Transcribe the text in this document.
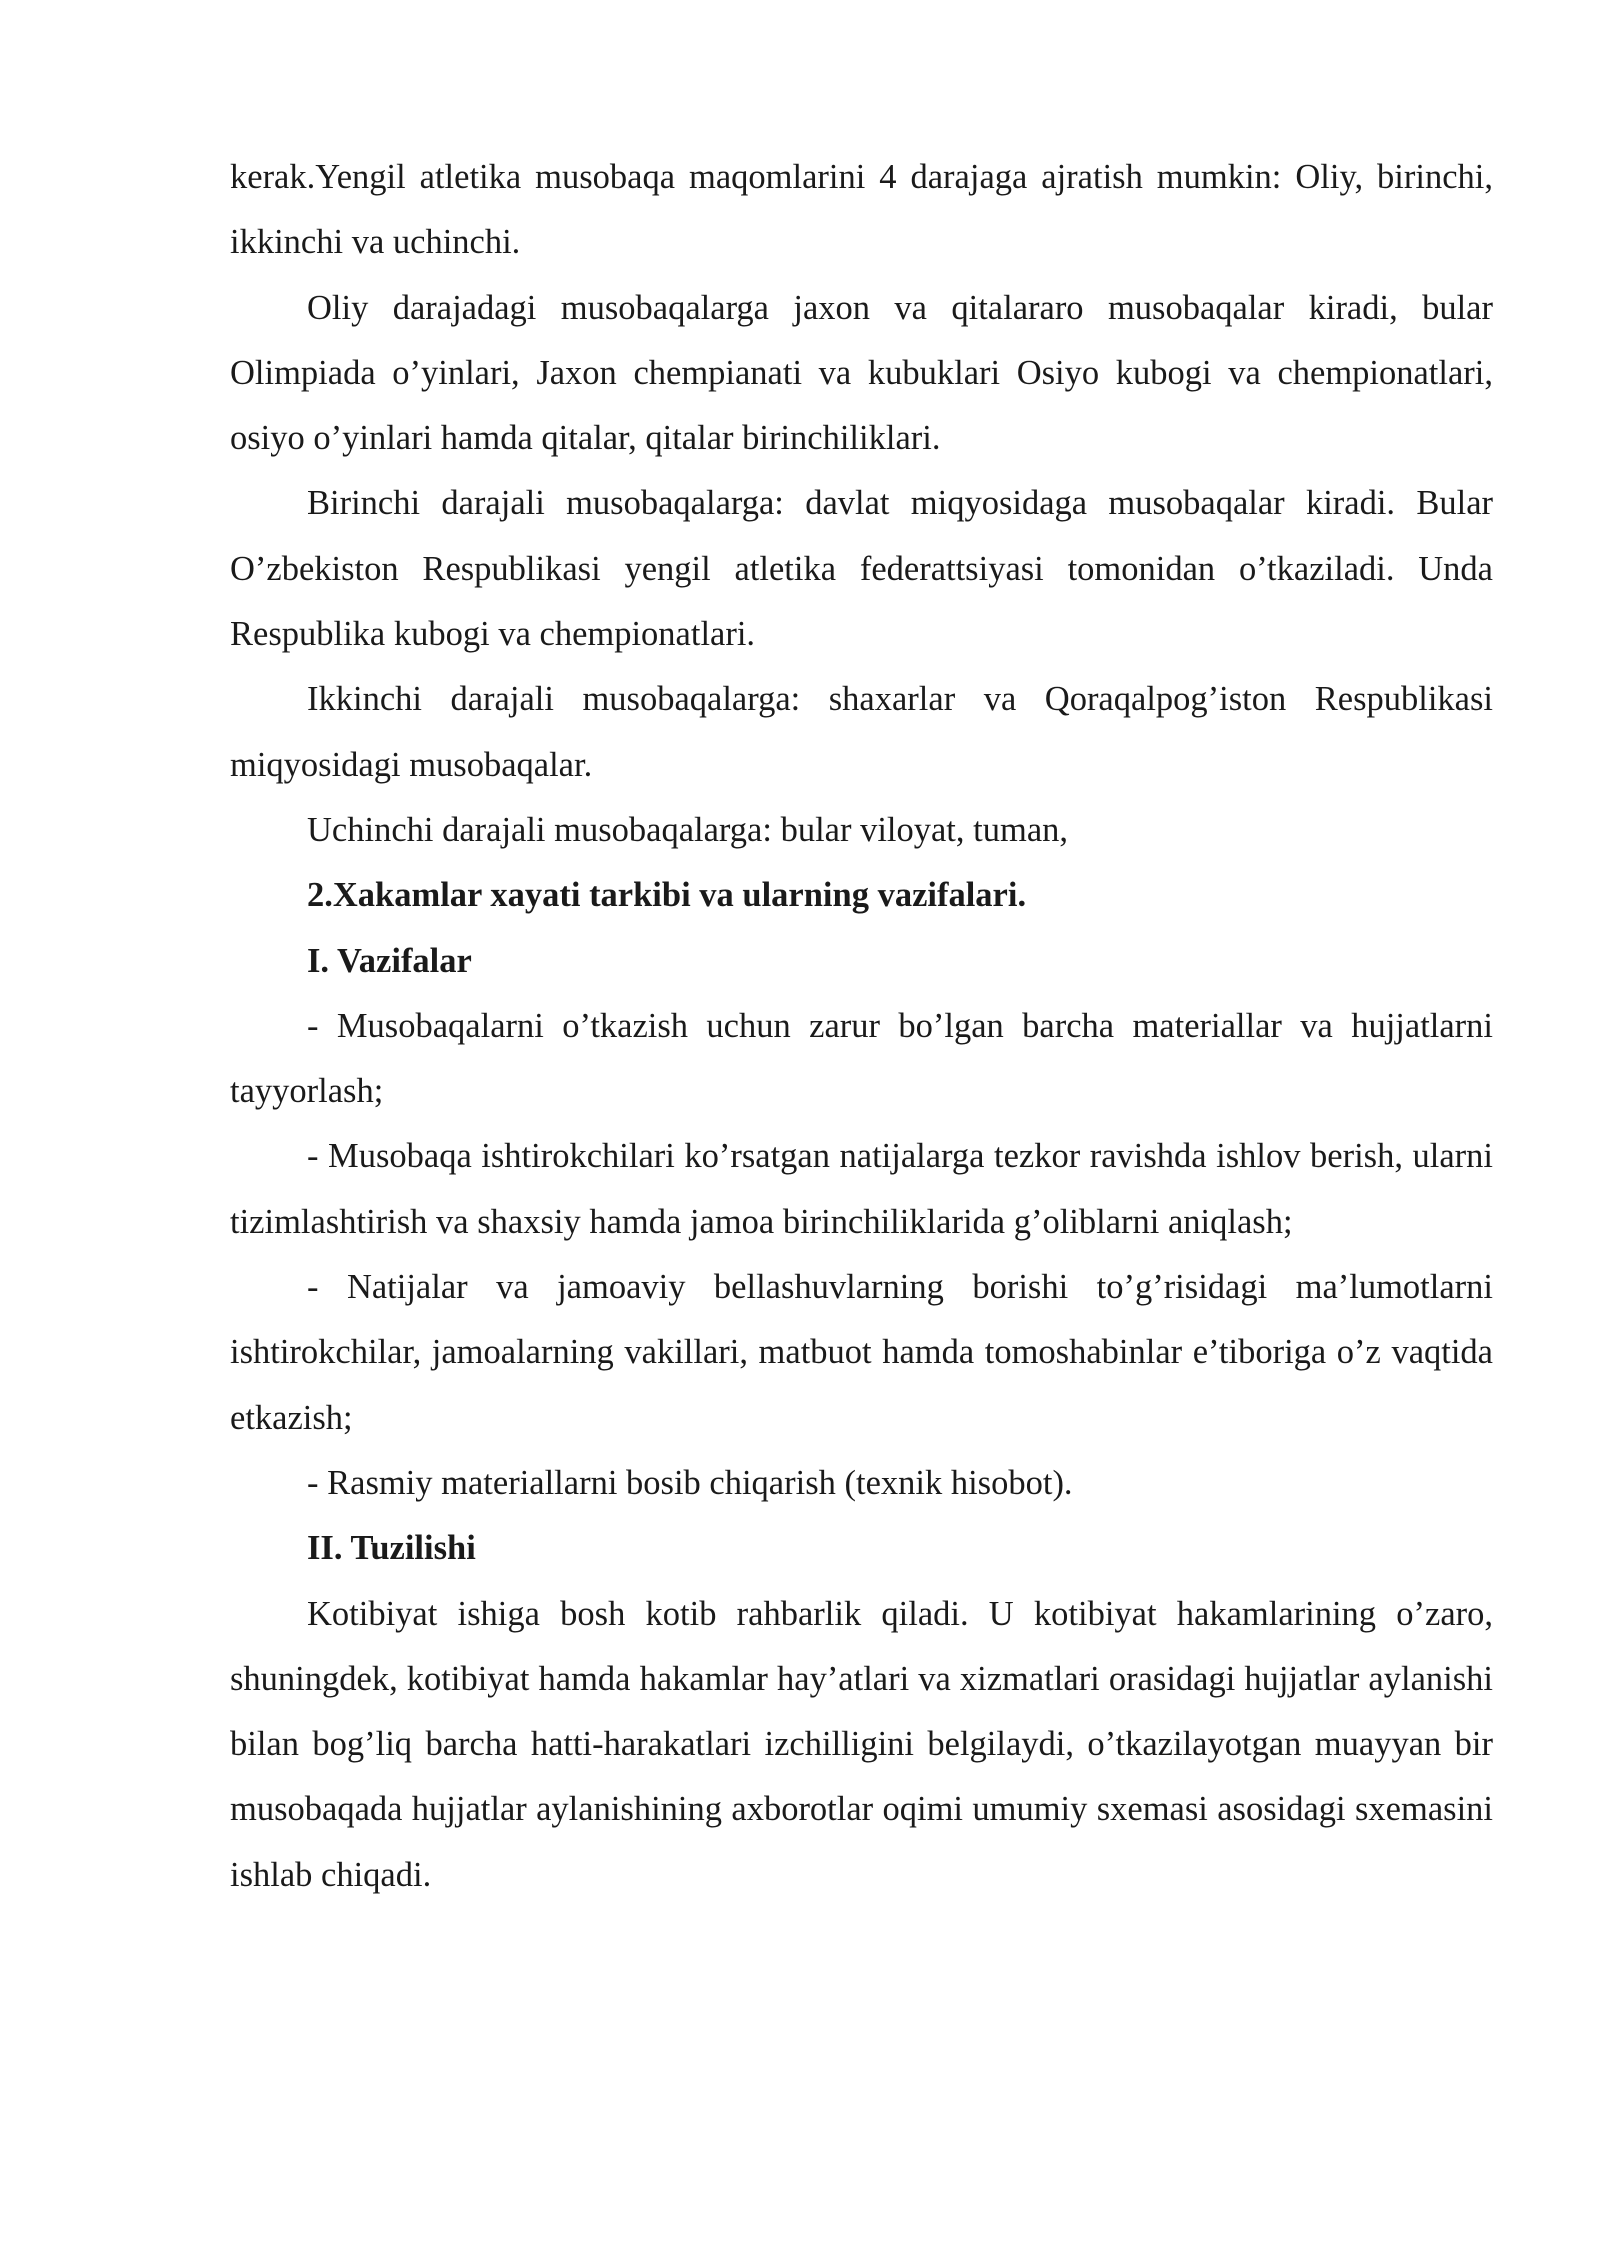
kerak.Yengil atletika musobaqa maqomlarini 4 darajaga ajratish mumkin: Oliy, birinchi, ikkinchi va uchinchi.

Oliy darajadagi musobaqalarga jaxon va qitalararo musobaqalar kiradi, bular Olimpiada o’yinlari, Jaxon chempianati va kubuklari Osiyo kubogi va chempionatlari, osiyo o’yinlari hamda qitalar, qitalar birinchiliklari.

Birinchi darajali musobaqalarga: davlat miqyosidaga musobaqalar kiradi. Bular O’zbekiston Respublikasi yengil atletika federattsiyasi tomonidan o’tkaziladi. Unda Respublika kubogi va chempionatlari.

Ikkinchi darajali musobaqalarga: shaxarlar va Qoraqalpog’iston Respublikasi miqyosidagi musobaqalar.

Uchinchi darajali musobaqalarga: bular viloyat, tuman,

2.Xakamlar xayati tarkibi va ularning vazifalari.

I. Vazifalar

- Musobaqalarni o’tkazish uchun zarur bo’lgan barcha materiallar va hujjatlarni tayyorlash;

- Musobaqa ishtirokchilari ko’rsatgan natijalarga tezkor ravishda ishlov berish, ularni tizimlashtirish va shaxsiy hamda jamoa birinchiliklarida g’oliblarni aniqlash;

- Natijalar va jamoaviy bellashuvlarning borishi to’g’risidagi ma’lumotlarni ishtirokchilar, jamoalarning vakillari, matbuot hamda tomoshabinlar e’tiboriga o’z vaqtida etkazish;

- Rasmiy materiallarni bosib chiqarish (texnik hisobot).

II. Tuzilishi

Kotibiyat ishiga bosh kotib rahbarlik qiladi. U kotibiyat hakamlarining o’zaro, shuningdek, kotibiyat hamda hakamlar hay’atlari va xizmatlari orasidagi hujjatlar aylanishi bilan bog’liq barcha hatti-harakatlari izchilligini belgilaydi, o’tkazilayotgan muayyan bir musobaqada hujjatlar aylanishining axborotlar oqimi umumiy sxemasi asosidagi sxemasini ishlab chiqadi.
